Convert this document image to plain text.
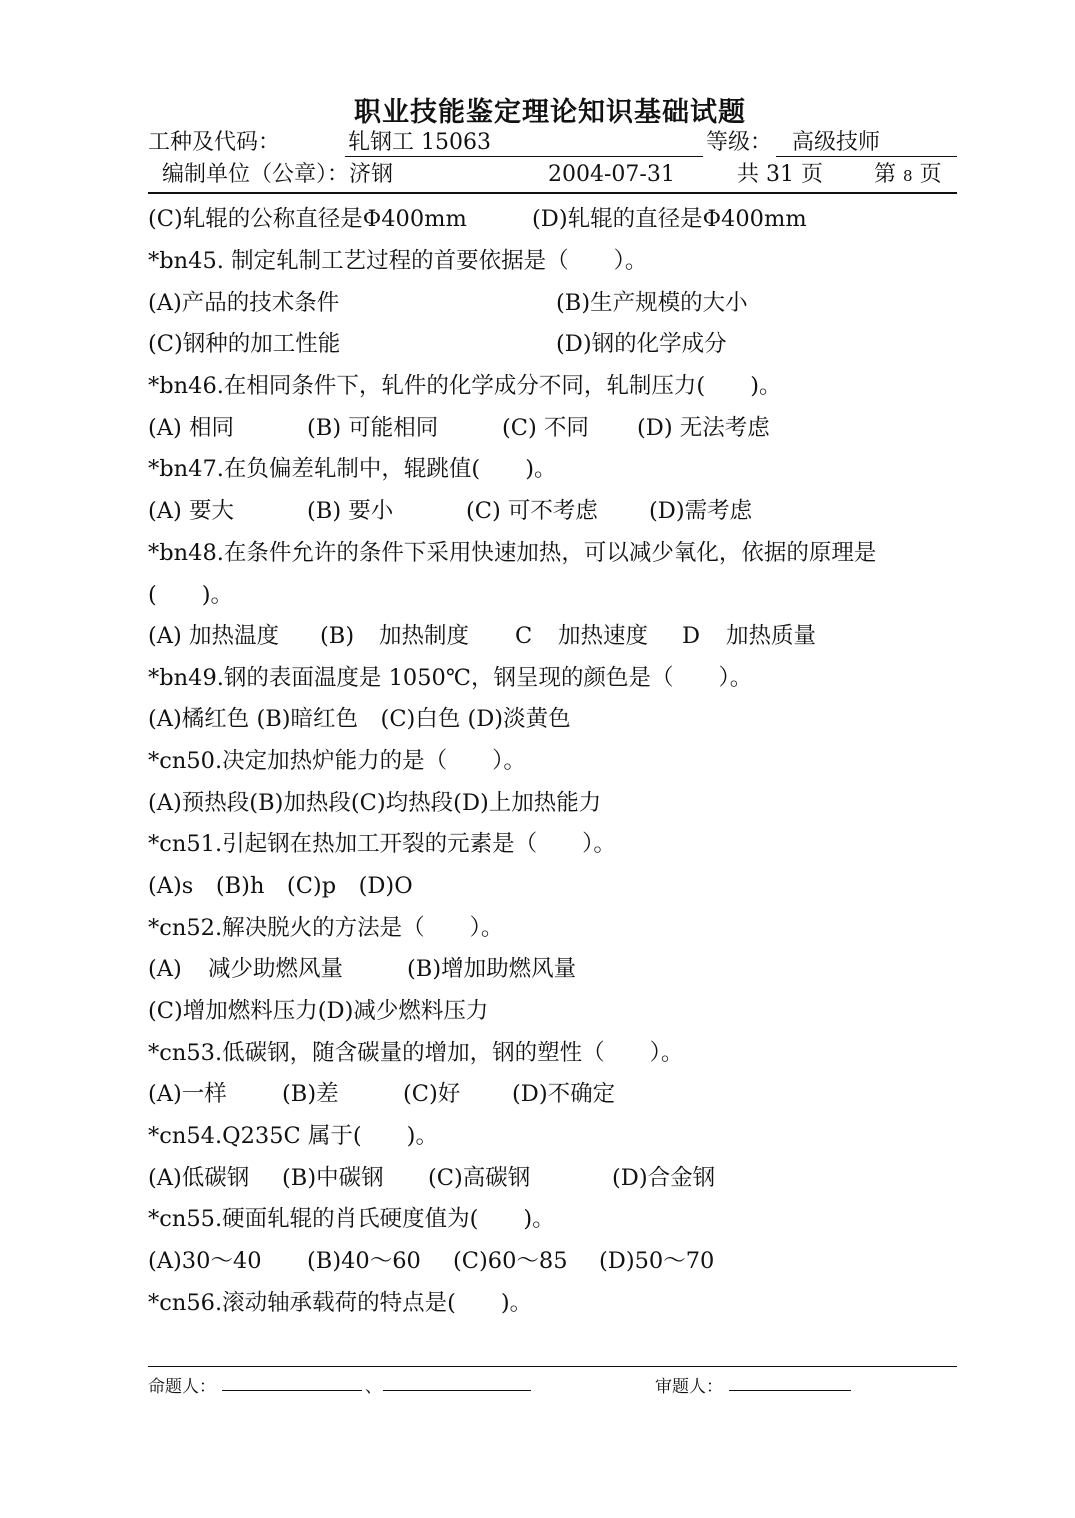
职业技能鉴定理论知识基础试题
工种及代码：	轧钢工 15063	等级： 高级技师
编制单位（公章）：济钢	2004-07-31	共 31 页 第 8 页
(C)轧辊的公称直径是Φ400mm	(D)轧辊的直径是Φ400mm
*bn45. 制定轧制工艺过程的首要依据是（　　）。
(A)产品的技术条件	(B)生产规模的大小
(C)钢种的加工性能	(D)钢的化学成分
*bn46.在相同条件下，轧件的化学成分不同，轧制压力(　　)。
(A) 相同	(B) 可能相同	(C) 不同 (D) 无法考虑
*bn47.在负偏差轧制中，辊跳值(　　)。
(A) 要大	(B) 要小	(C) 可不考虑 (D)需考虑
*bn48.在条件允许的条件下采用快速加热，可以减少氧化，依据的原理是
(　　)。
(A) 加热温度 (B) 加热制度 C 加热速度 D 加热质量
*bn49.钢的表面温度是 1050℃，钢呈现的颜色是（　　）。
(A)橘红色 (B)暗红色　(C)白色 (D)淡黄色
*cn50.决定加热炉能力的是（　　）。
(A)预热段(B)加热段(C)均热段(D)上加热能力
*cn51.引起钢在热加工开裂的元素是（　　）。
(A)s　(B)h　(C)p　(D)O
*cn52.解决脱火的方法是（　　）。
(A) 减少助燃风量	(B)增加助燃风量
(C)增加燃料压力(D)减少燃料压力
*cn53.低碳钢，随含碳量的增加，钢的塑性（　　）。
(A)一样 (B)差	(C)好 (D)不确定
*cn54.Q235C 属于(　　)。
(A)低碳钢 (B)中碳钢 (C)高碳钢	(D)合金钢
*cn55.硬面轧辊的肖氏硬度值为(　　)。
(A)30～40 (B)40～60 (C)60～85 (D)50～70
*cn56.滚动轴承载荷的特点是(　　)。
命题人：	、	审题人：
